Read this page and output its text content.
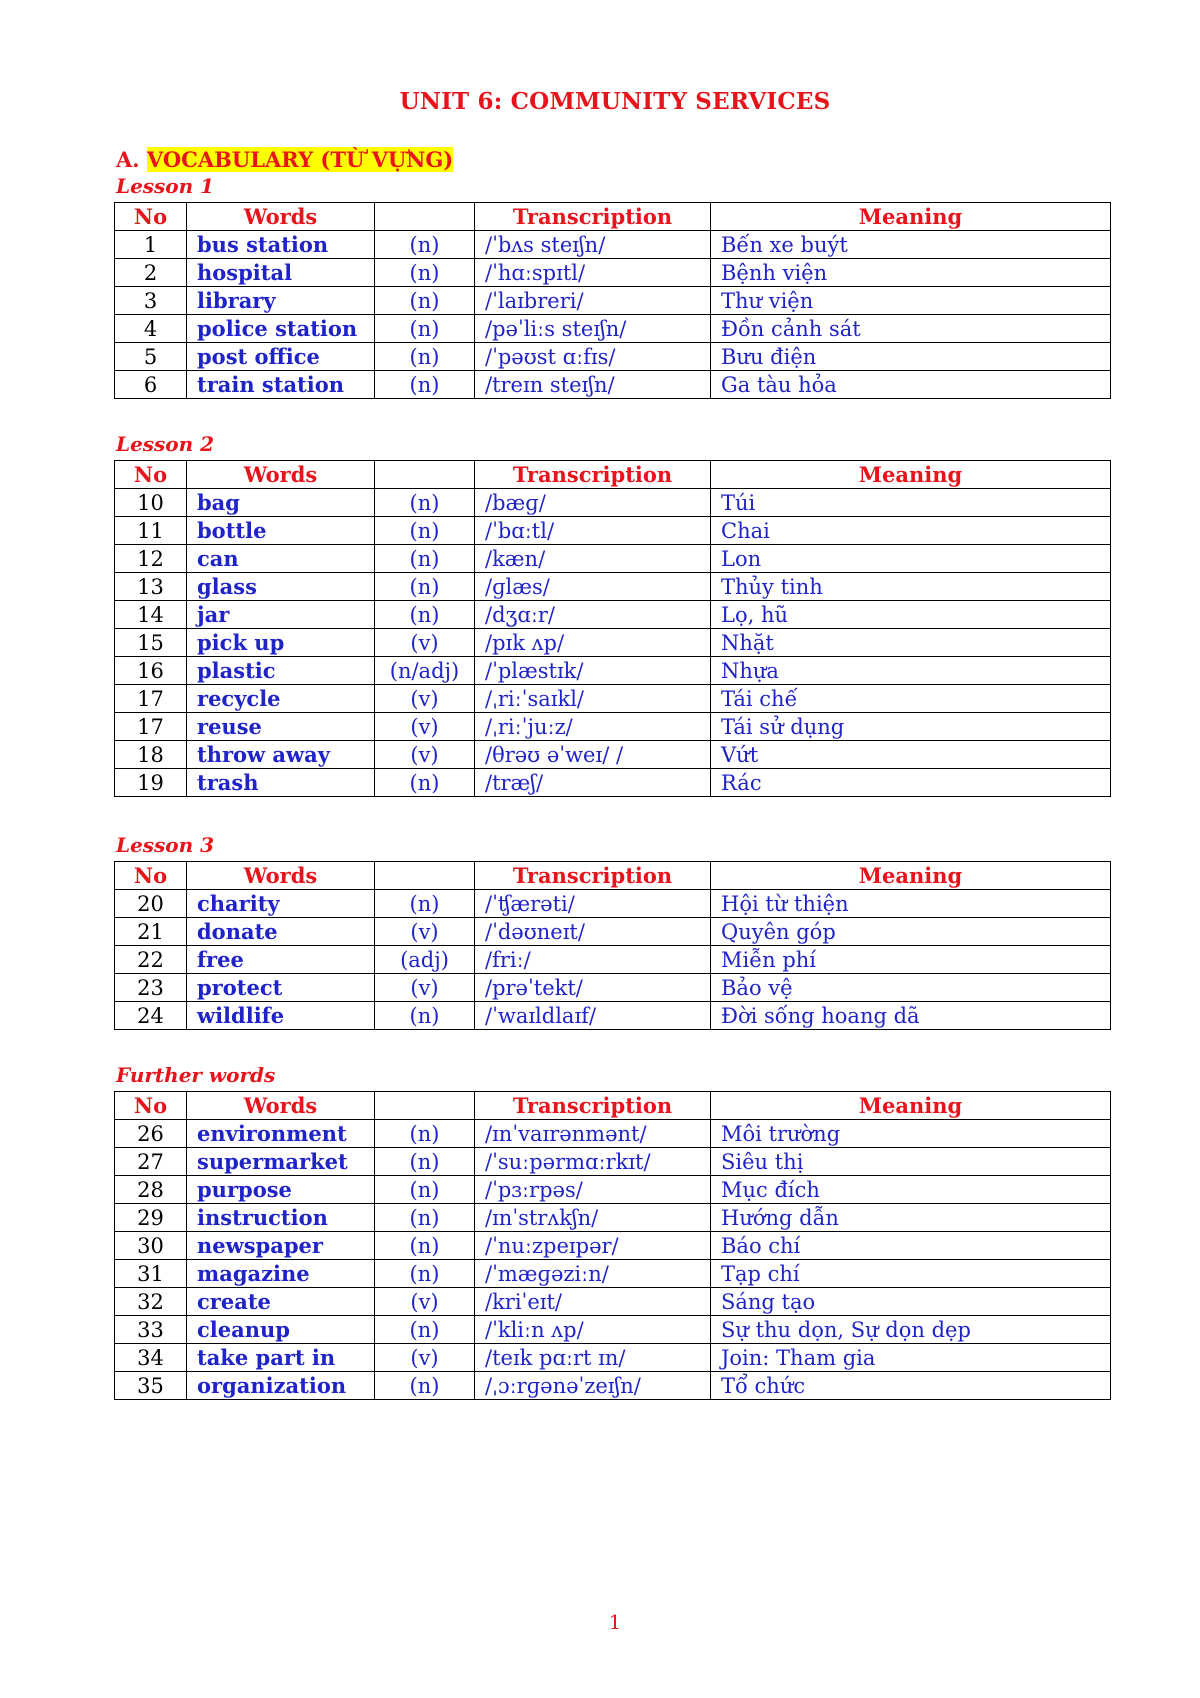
UNIT 6: COMMUNITY SERVICES
A. VOCABULARY (TỪ VỰNG)
Lesson 1
No	Words		Transcription	Meaning
1	bus station	(n)	/ˈbʌs steɪʃn/	Bến xe buýt
2	hospital	(n)	/ˈhɑːspɪtl/	Bệnh viện
3	library	(n)	/ˈlaɪbreri/	Thư viện
4	police station	(n)	/pəˈliːs steɪʃn/	Đồn cảnh sát
5	post office	(n)	/ˈpəʊst ɑːfɪs/	Bưu điện
6	train station	(n)	/treɪn steɪʃn/	Ga tàu hỏa
Lesson 2
No	Words		Transcription	Meaning
10	bag	(n)	/bæɡ/	Túi
11	bottle	(n)	/ˈbɑːtl/	Chai
12	can	(n)	/kæn/	Lon
13	glass	(n)	/ɡlæs/	Thủy tinh
14	jar	(n)	/dʒɑːr/	Lọ, hũ
15	pick up	(v)	/pɪk ʌp/	Nhặt
16	plastic	(n/adj)	/ˈplæstɪk/	Nhựa
17	recycle	(v)	/ˌriːˈsaɪkl/	Tái chế
17	reuse	(v)	/ˌriːˈjuːz/	Tái sử dụng
18	throw away	(v)	/θrəʊ əˈweɪ/ /	Vứt
19	trash	(n)	/træʃ/	Rác
Lesson 3
No	Words		Transcription	Meaning
20	charity	(n)	/ˈʧærəti/	Hội từ thiện
21	donate	(v)	/ˈdəʊneɪt/	Quyên góp
22	free	(adj)	/friː/	Miễn phí
23	protect	(v)	/prəˈtekt/	Bảo vệ
24	wildlife	(n)	/ˈwaɪldlaɪf/	Đời sống hoang dã
Further words
No	Words		Transcription	Meaning
26	environment	(n)	/ɪnˈvaɪrənmənt/	Môi trường
27	supermarket	(n)	/ˈsuːpərmɑːrkɪt/	Siêu thị
28	purpose	(n)	/ˈpɜːrpəs/	Mục đích
29	instruction	(n)	/ɪnˈstrʌkʃn/	Hướng dẫn
30	newspaper	(n)	/ˈnuːzpeɪpər/	Báo chí
31	magazine	(n)	/ˈmæɡəziːn/	Tạp chí
32	create	(v)	/kriˈeɪt/	Sáng tạo
33	cleanup	(n)	/ˈkliːn ʌp/	Sự thu dọn, Sự dọn dẹp
34	take part in	(v)	/teɪk pɑːrt ɪn/	Join: Tham gia
35	organization	(n)	/ˌɔːrɡənəˈzeɪʃn/	Tổ chức
1
